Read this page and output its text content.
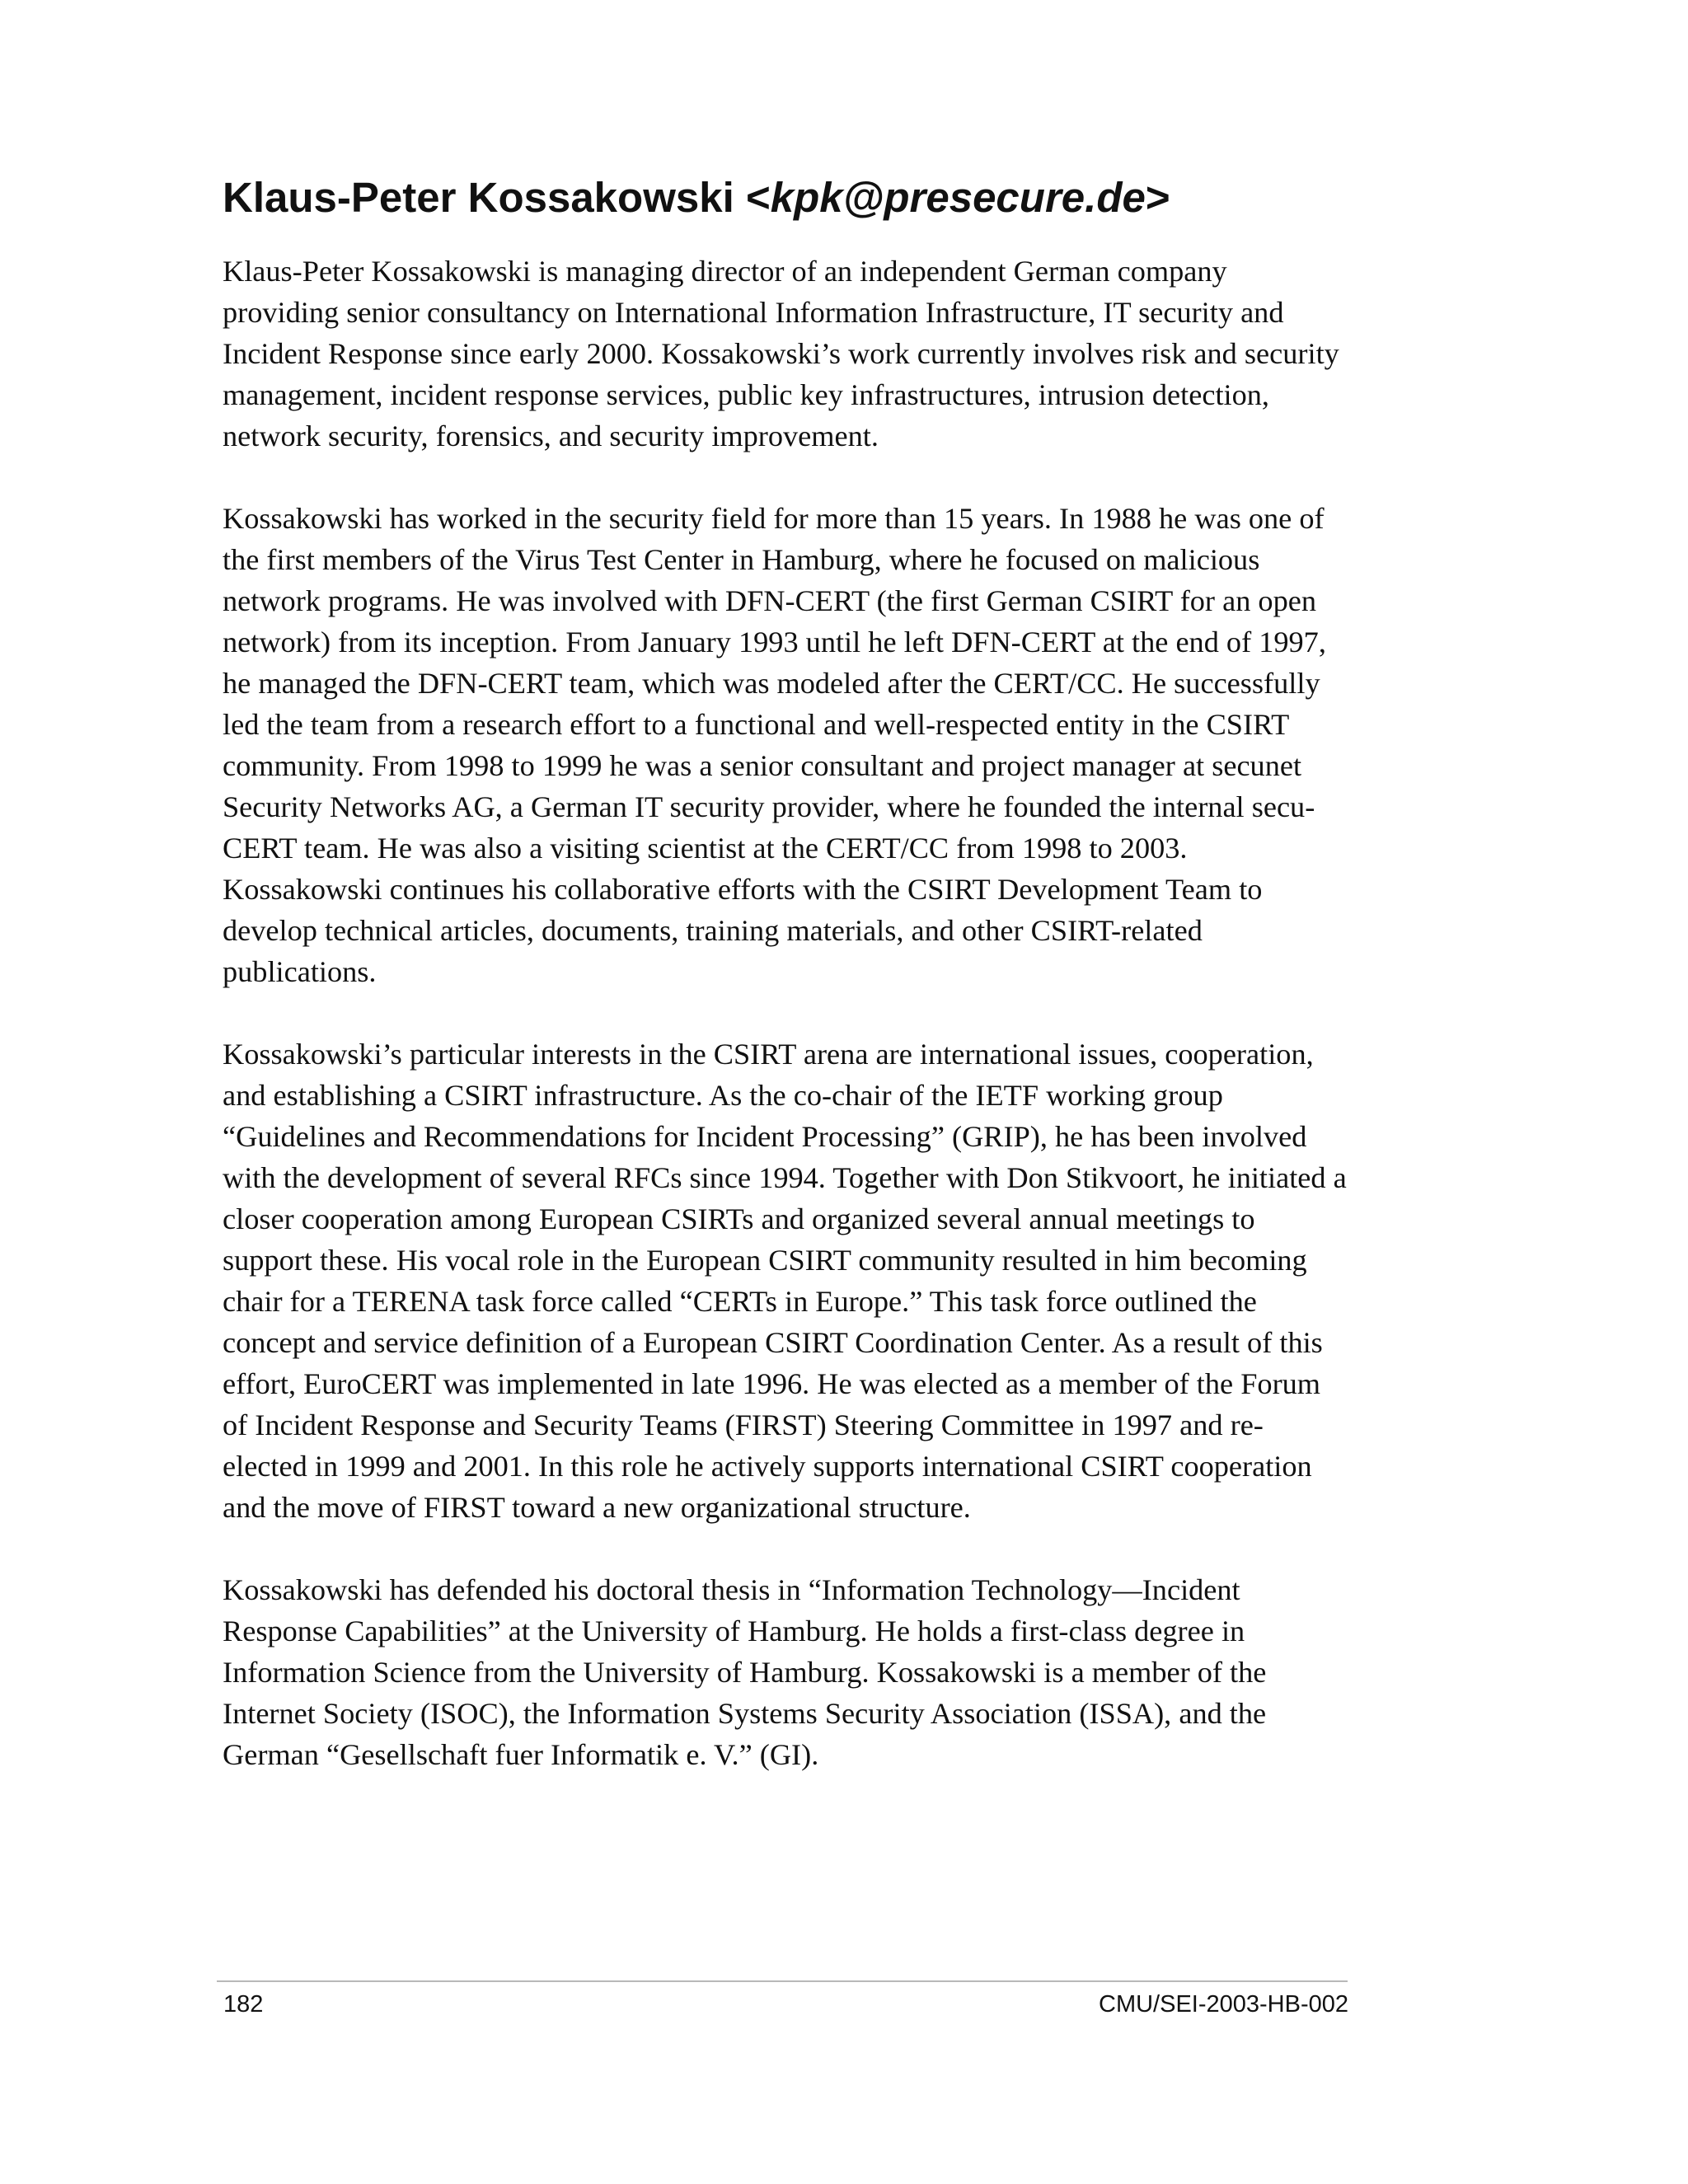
Klaus-Peter Kossakowski <kpk@presecure.de>

Klaus-Peter Kossakowski is managing director of an independent German company
providing senior consultancy on International Information Infrastructure, IT security and
Incident Response since early 2000. Kossakowski’s work currently involves risk and security
management, incident response services, public key infrastructures, intrusion detection,
network security, forensics, and security improvement.

Kossakowski has worked in the security field for more than 15 years. In 1988 he was one of
the first members of the Virus Test Center in Hamburg, where he focused on malicious
network programs. He was involved with DFN-CERT (the first German CSIRT for an open
network) from its inception. From January 1993 until he left DFN-CERT at the end of 1997,
he managed the DFN-CERT team, which was modeled after the CERT/CC. He successfully
led the team from a research effort to a functional and well-respected entity in the CSIRT
community. From 1998 to 1999 he was a senior consultant and project manager at secunet
Security Networks AG, a German IT security provider, where he founded the internal secu-
CERT team. He was also a visiting scientist at the CERT/CC from 1998 to 2003.
Kossakowski continues his collaborative efforts with the CSIRT Development Team to
develop technical articles, documents, training materials, and other CSIRT-related
publications.

Kossakowski’s particular interests in the CSIRT arena are international issues, cooperation,
and establishing a CSIRT infrastructure. As the co-chair of the IETF working group
“Guidelines and Recommendations for Incident Processing” (GRIP), he has been involved
with the development of several RFCs since 1994. Together with Don Stikvoort, he initiated a
closer cooperation among European CSIRTs and organized several annual meetings to
support these. His vocal role in the European CSIRT community resulted in him becoming
chair for a TERENA task force called “CERTs in Europe.” This task force outlined the
concept and service definition of a European CSIRT Coordination Center. As a result of this
effort, EuroCERT was implemented in late 1996. He was elected as a member of the Forum
of Incident Response and Security Teams (FIRST) Steering Committee in 1997 and re-
elected in 1999 and 2001. In this role he actively supports international CSIRT cooperation
and the move of FIRST toward a new organizational structure.

Kossakowski has defended his doctoral thesis in “Information Technology—Incident
Response Capabilities” at the University of Hamburg. He holds a first-class degree in
Information Science from the University of Hamburg. Kossakowski is a member of the
Internet Society (ISOC), the Information Systems Security Association (ISSA), and the
German “Gesellschaft fuer Informatik e. V.” (GI).

182	CMU/SEI-2003-HB-002
